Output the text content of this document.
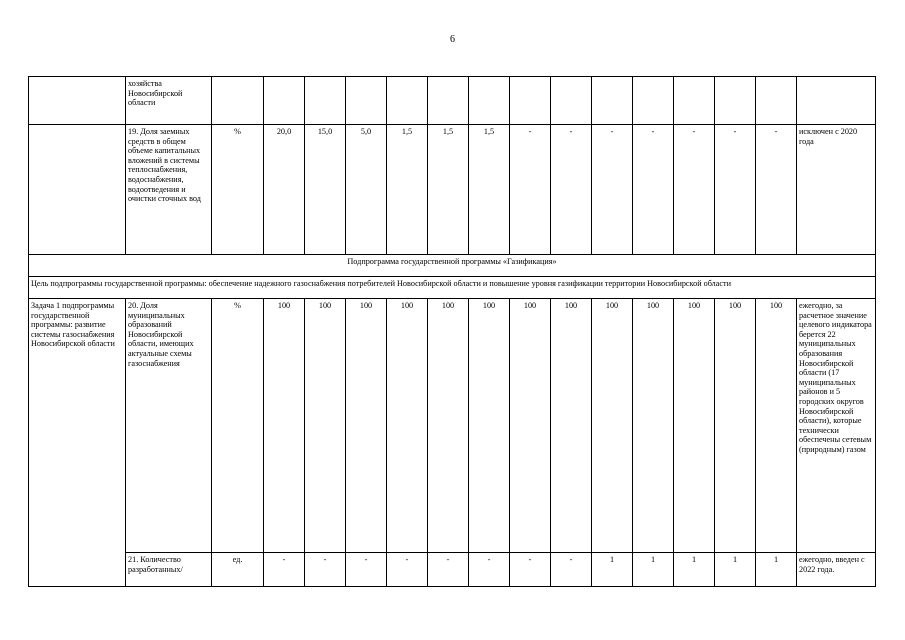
6
	хозяйства Новосибирской области																
	19. Доля заемных средств в общем объеме капитальных вложений в системы теплоснабжения, водоснабжения, водоотведения и очистки сточных вод	%	20,0	15,0	5,0	1,5	1,5	1,5	-	-	-	-	-	-	-	исключен с 2020 года	
Подпрограмма государственной программы «Газификация»																	
Цель подпрограммы государственной программы: обеспечение надежного газоснабжения потребителей Новосибирской области и повышение уровня газификации территории Новосибирской области																	
Задача 1 подпрограммы государственной программы: развитие системы газоснабжения Новосибирской области	20. Доля муниципальных образований Новосибирской области, имеющих актуальные схемы газоснабжения	%	100	100	100	100	100	100	100	100	100	100	100	100	100	ежегодно, за расчетное значение целевого индикатора берется 22 муниципальных образования Новосибирской области (17 муниципальных районов и 5 городских округов Новосибирской области), которые технически обеспечены сетевым (природным) газом	
	21. Количество разработанных/	ед.	-	-	-	-	-	-	-	-	1	1	1	1	1	ежегодно, введен с 2022 года.	
